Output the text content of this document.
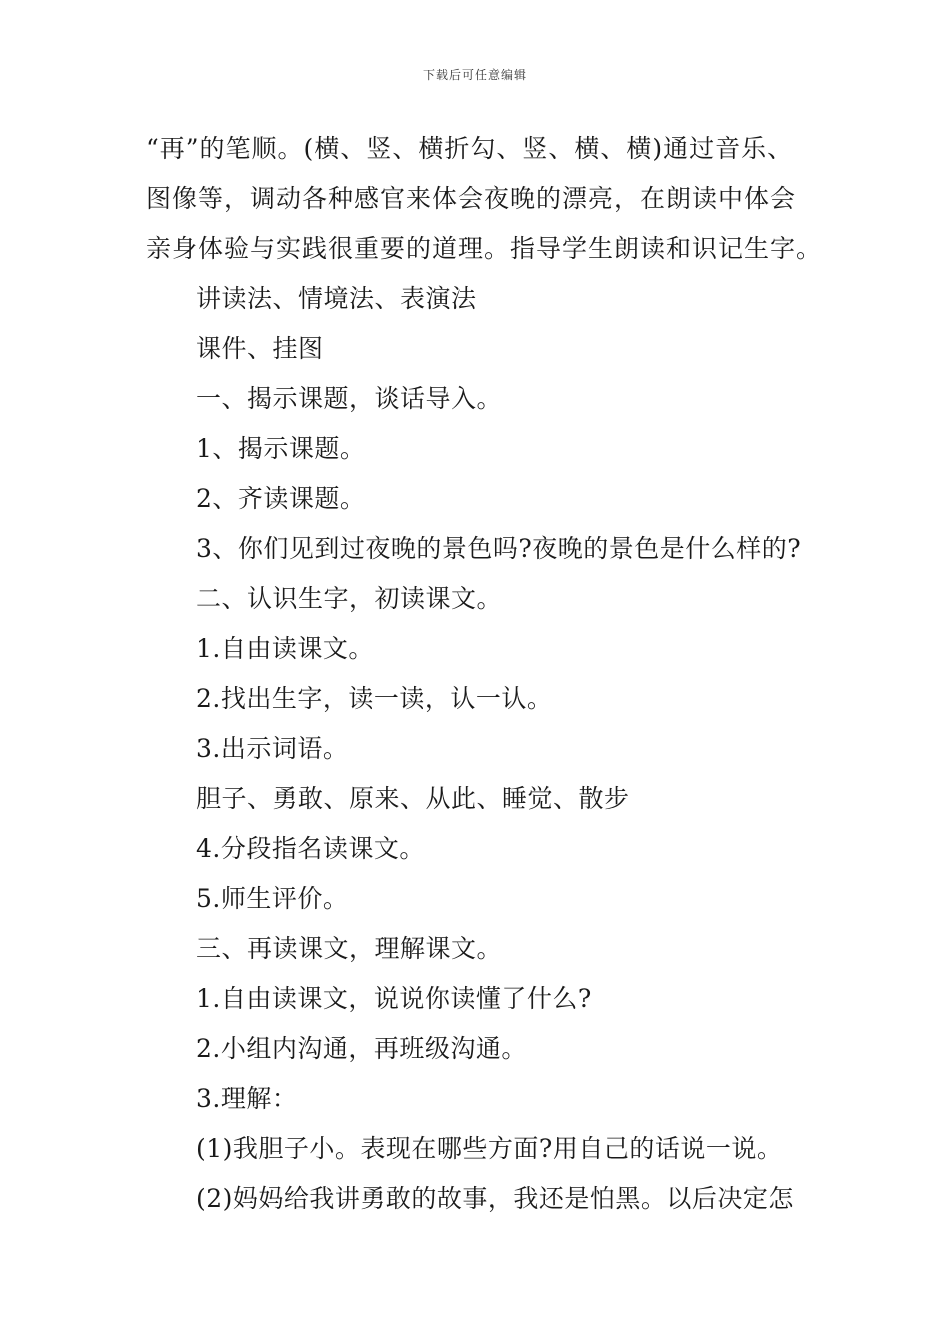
下载后可任意编辑

“再”的笔顺。(横、竖、横折勾、竖、横、横)通过音乐、
图像等，调动各种感官来体会夜晚的漂亮，在朗读中体会
亲身体验与实践很重要的道理。指导学生朗读和识记生字。

讲读法、情境法、表演法

课件、挂图

一、揭示课题，谈话导入。

1、揭示课题。

2、齐读课题。

3、你们见到过夜晚的景色吗?夜晚的景色是什么样的?

二、认识生字，初读课文。

1.自由读课文。

2.找出生字，读一读，认一认。

3.出示词语。

胆子、勇敢、原来、从此、睡觉、散步

4.分段指名读课文。

5.师生评价。

三、再读课文，理解课文。

1.自由读课文，说说你读懂了什么?

2.小组内沟通，再班级沟通。

3.理解：

(1)我胆子小。表现在哪些方面?用自己的话说一说。

(2)妈妈给我讲勇敢的故事，我还是怕黑。以后决定怎
